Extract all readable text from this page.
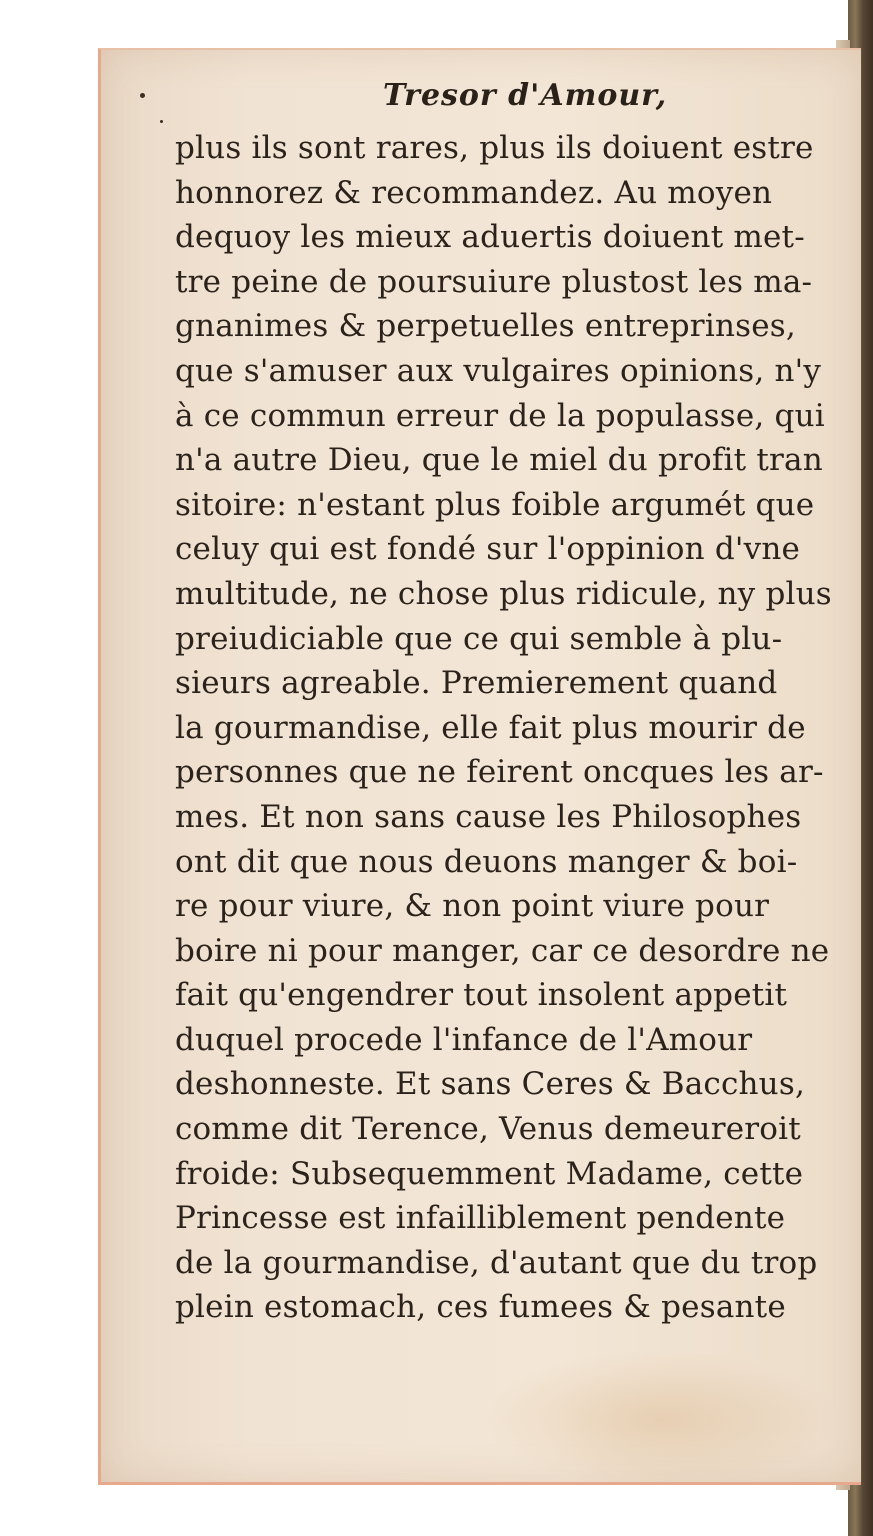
Tresor d'Amour,
plus ils sont rares, plus ils doiuent estre
honnorez & recommandez. Au moyen
dequoy les mieux aduertis doiuent met-
tre peine de poursuiure plustost les ma-
gnanimes & perpetuelles entreprinses,
que s'amuser aux vulgaires opinions, n'y
à ce commun erreur de la populasse, qui
n'a autre Dieu, que le miel du profit tran
sitoire: n'estant plus foible argumét que
celuy qui est fondé sur l'oppinion d'vne
multitude, ne chose plus ridicule, ny plus
preiudiciable que ce qui semble à plu-
sieurs agreable. Premierement quand
la gourmandise, elle fait plus mourir de
personnes que ne feirent oncques les ar-
mes. Et non sans cause les Philosophes
ont dit que nous deuons manger & boi-
re pour viure, & non point viure pour
boire ni pour manger, car ce desordre ne
fait qu'engendrer tout insolent appetit
duquel procede l'infance de l'Amour
deshonneste. Et sans Ceres & Bacchus,
comme dit Terence, Venus demeureroit
froide: Subsequemment Madame, cette
Princesse est infailliblement pendente
de la gourmandise, d'autant que du trop
plein estomach, ces fumees & pesante
